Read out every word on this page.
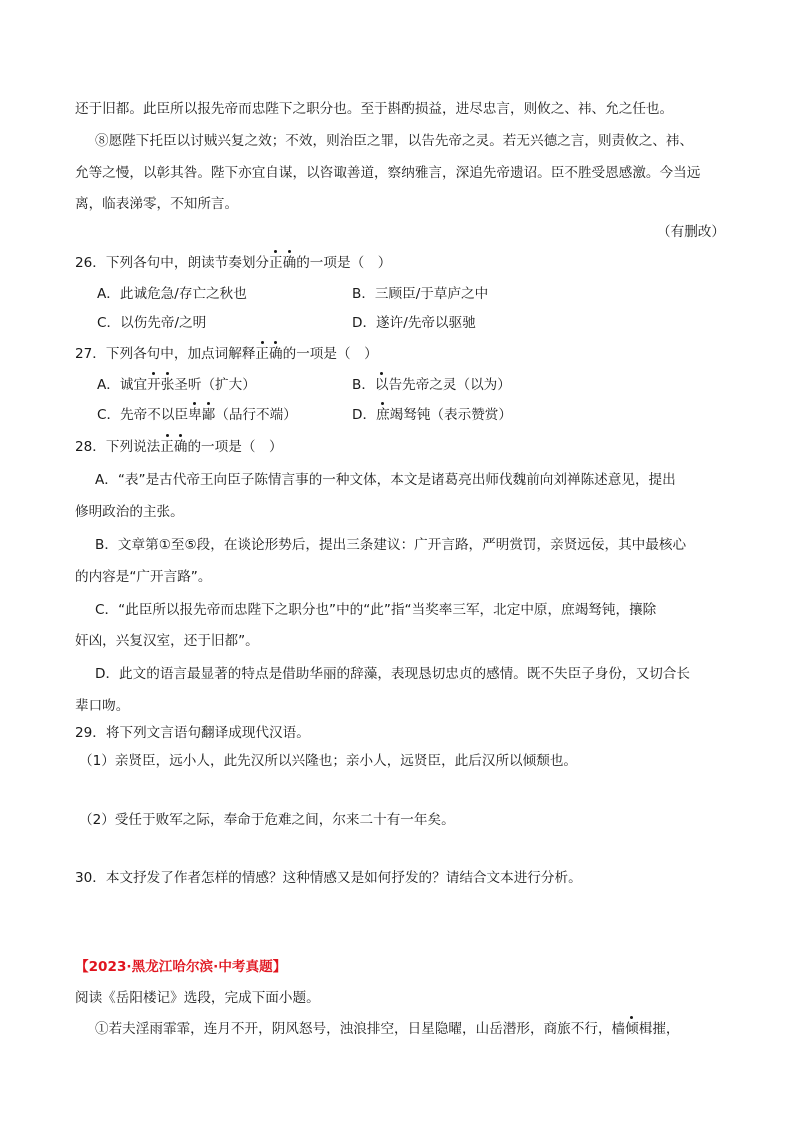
还于旧都。此臣所以报先帝而忠陛下之职分也。至于斟酌损益，进尽忠言，则攸之、祎、允之任也。
⑧愿陛下托臣以讨贼兴复之效；不效，则治臣之罪，以告先帝之灵。若无兴德之言，则责攸之、祎、
允等之慢，以彰其咎。陛下亦宜自谋，以咨诹善道，察纳雅言，深追先帝遗诏。臣不胜受恩感激。今当远
离，临表涕零，不知所言。
（有删改）
26．下列各句中，朗读节奏划分正确的一项是（　）
A．此诚危急/存亡之秋也	B．三顾臣/于草庐之中
C．以伤先帝/之明	D．遂许/先帝以驱驰
27．下列各句中，加点词解释正确的一项是（　）
A．诚宜开张圣听（扩大）	B．以告先帝之灵（以为）
C．先帝不以臣卑鄙（品行不端）	D．庶竭驽钝（表示赞赏）
28．下列说法正确的一项是（　）
A．“表”是古代帝王向臣子陈情言事的一种文体，本文是诸葛亮出师伐魏前向刘禅陈述意见，提出
修明政治的主张。
B．文章第①至⑤段，在谈论形势后，提出三条建议：广开言路，严明赏罚，亲贤远佞，其中最核心
的内容是“广开言路”。
C．“此臣所以报先帝而忠陛下之职分也”中的“此”指“当奖率三军，北定中原，庶竭驽钝，攘除
奸凶，兴复汉室，还于旧都”。
D．此文的语言最显著的特点是借助华丽的辞藻，表现恳切忠贞的感情。既不失臣子身份，又切合长
辈口吻。
29．将下列文言语句翻译成现代汉语。
（1）亲贤臣，远小人，此先汉所以兴隆也；亲小人，远贤臣，此后汉所以倾颓也。
（2）受任于败军之际，奉命于危难之间，尔来二十有一年矣。
30．本文抒发了作者怎样的情感？这种情感又是如何抒发的？请结合文本进行分析。
【2023·黑龙江哈尔滨·中考真题】
阅读《岳阳楼记》选段，完成下面小题。
①若夫淫雨霏霏，连月不开，阴风怒号，浊浪排空，日星隐曜，山岳潜形，商旅不行，樯倾楫摧，
